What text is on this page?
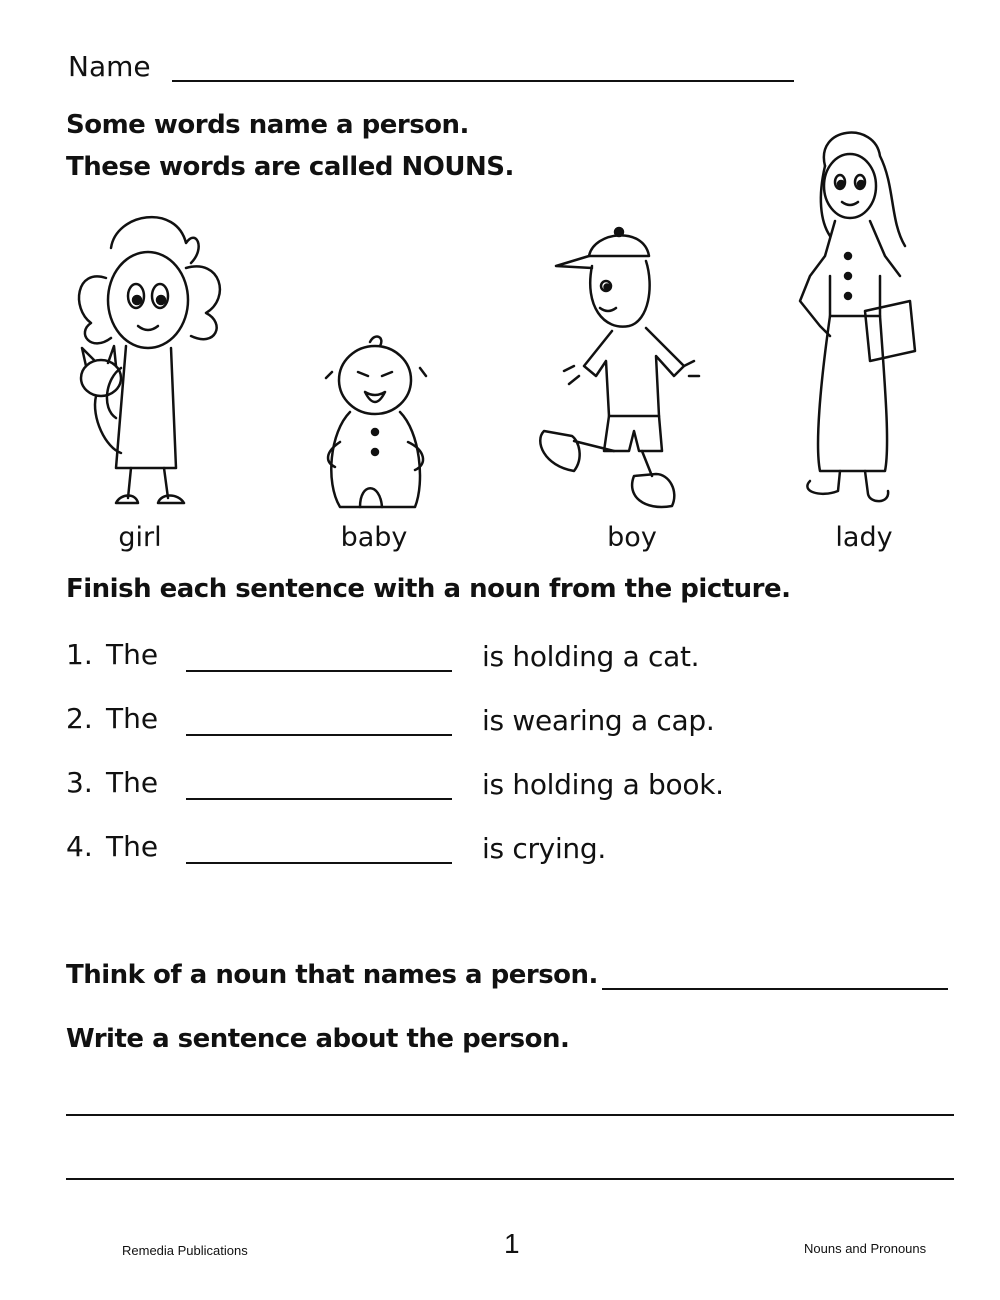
Name
Some words name a person.
These words are called NOUNS.
girl	baby	boy	lady
Finish each sentence with a noun from the picture.
1. The	is holding a cat.
2. The	is wearing a cap.
3. The	is holding a book.
4. The	is crying.
Think of a noun that names a person.
Write a sentence about the person.
Remedia Publications	1	Nouns and Pronouns
